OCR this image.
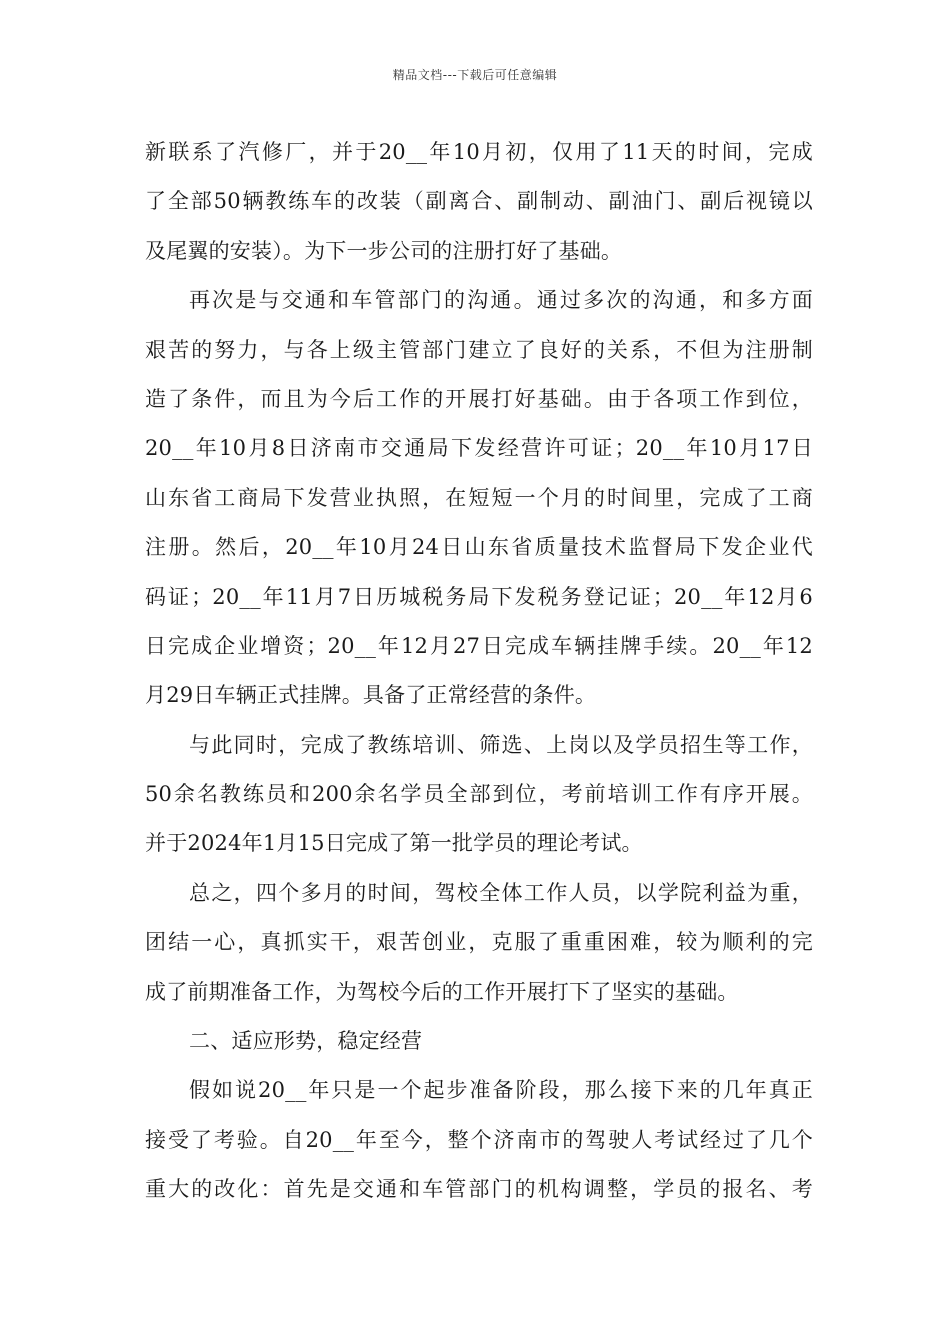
精品文档---下载后可任意编辑
新联系了汽修厂，并于20__年10月初，仅用了11天的时间，完成
了全部50辆教练车的改装（副离合、副制动、副油门、副后视镜以
及尾翼的安装）。为下一步公司的注册打好了基础。
再次是与交通和车管部门的沟通。通过多次的沟通，和多方面
艰苦的努力，与各上级主管部门建立了良好的关系，不但为注册制
造了条件，而且为今后工作的开展打好基础。由于各项工作到位，
20__年10月8日济南市交通局下发经营许可证；20__年10月17日
山东省工商局下发营业执照，在短短一个月的时间里，完成了工商
注册。然后，20__年10月24日山东省质量技术监督局下发企业代
码证；20__年11月7日历城税务局下发税务登记证；20__年12月6
日完成企业增资；20__年12月27日完成车辆挂牌手续。20__年12
月29日车辆正式挂牌。具备了正常经营的条件。
与此同时，完成了教练培训、筛选、上岗以及学员招生等工作，
50余名教练员和200余名学员全部到位，考前培训工作有序开展。
并于2024年1月15日完成了第一批学员的理论考试。
总之，四个多月的时间，驾校全体工作人员，以学院利益为重，
团结一心，真抓实干，艰苦创业，克服了重重困难，较为顺利的完
成了前期准备工作，为驾校今后的工作开展打下了坚实的基础。
二、适应形势，稳定经营
假如说20__年只是一个起步准备阶段，那么接下来的几年真正
接受了考验。自20__年至今，整个济南市的驾驶人考试经过了几个
重大的改化：首先是交通和车管部门的机构调整，学员的报名、考
